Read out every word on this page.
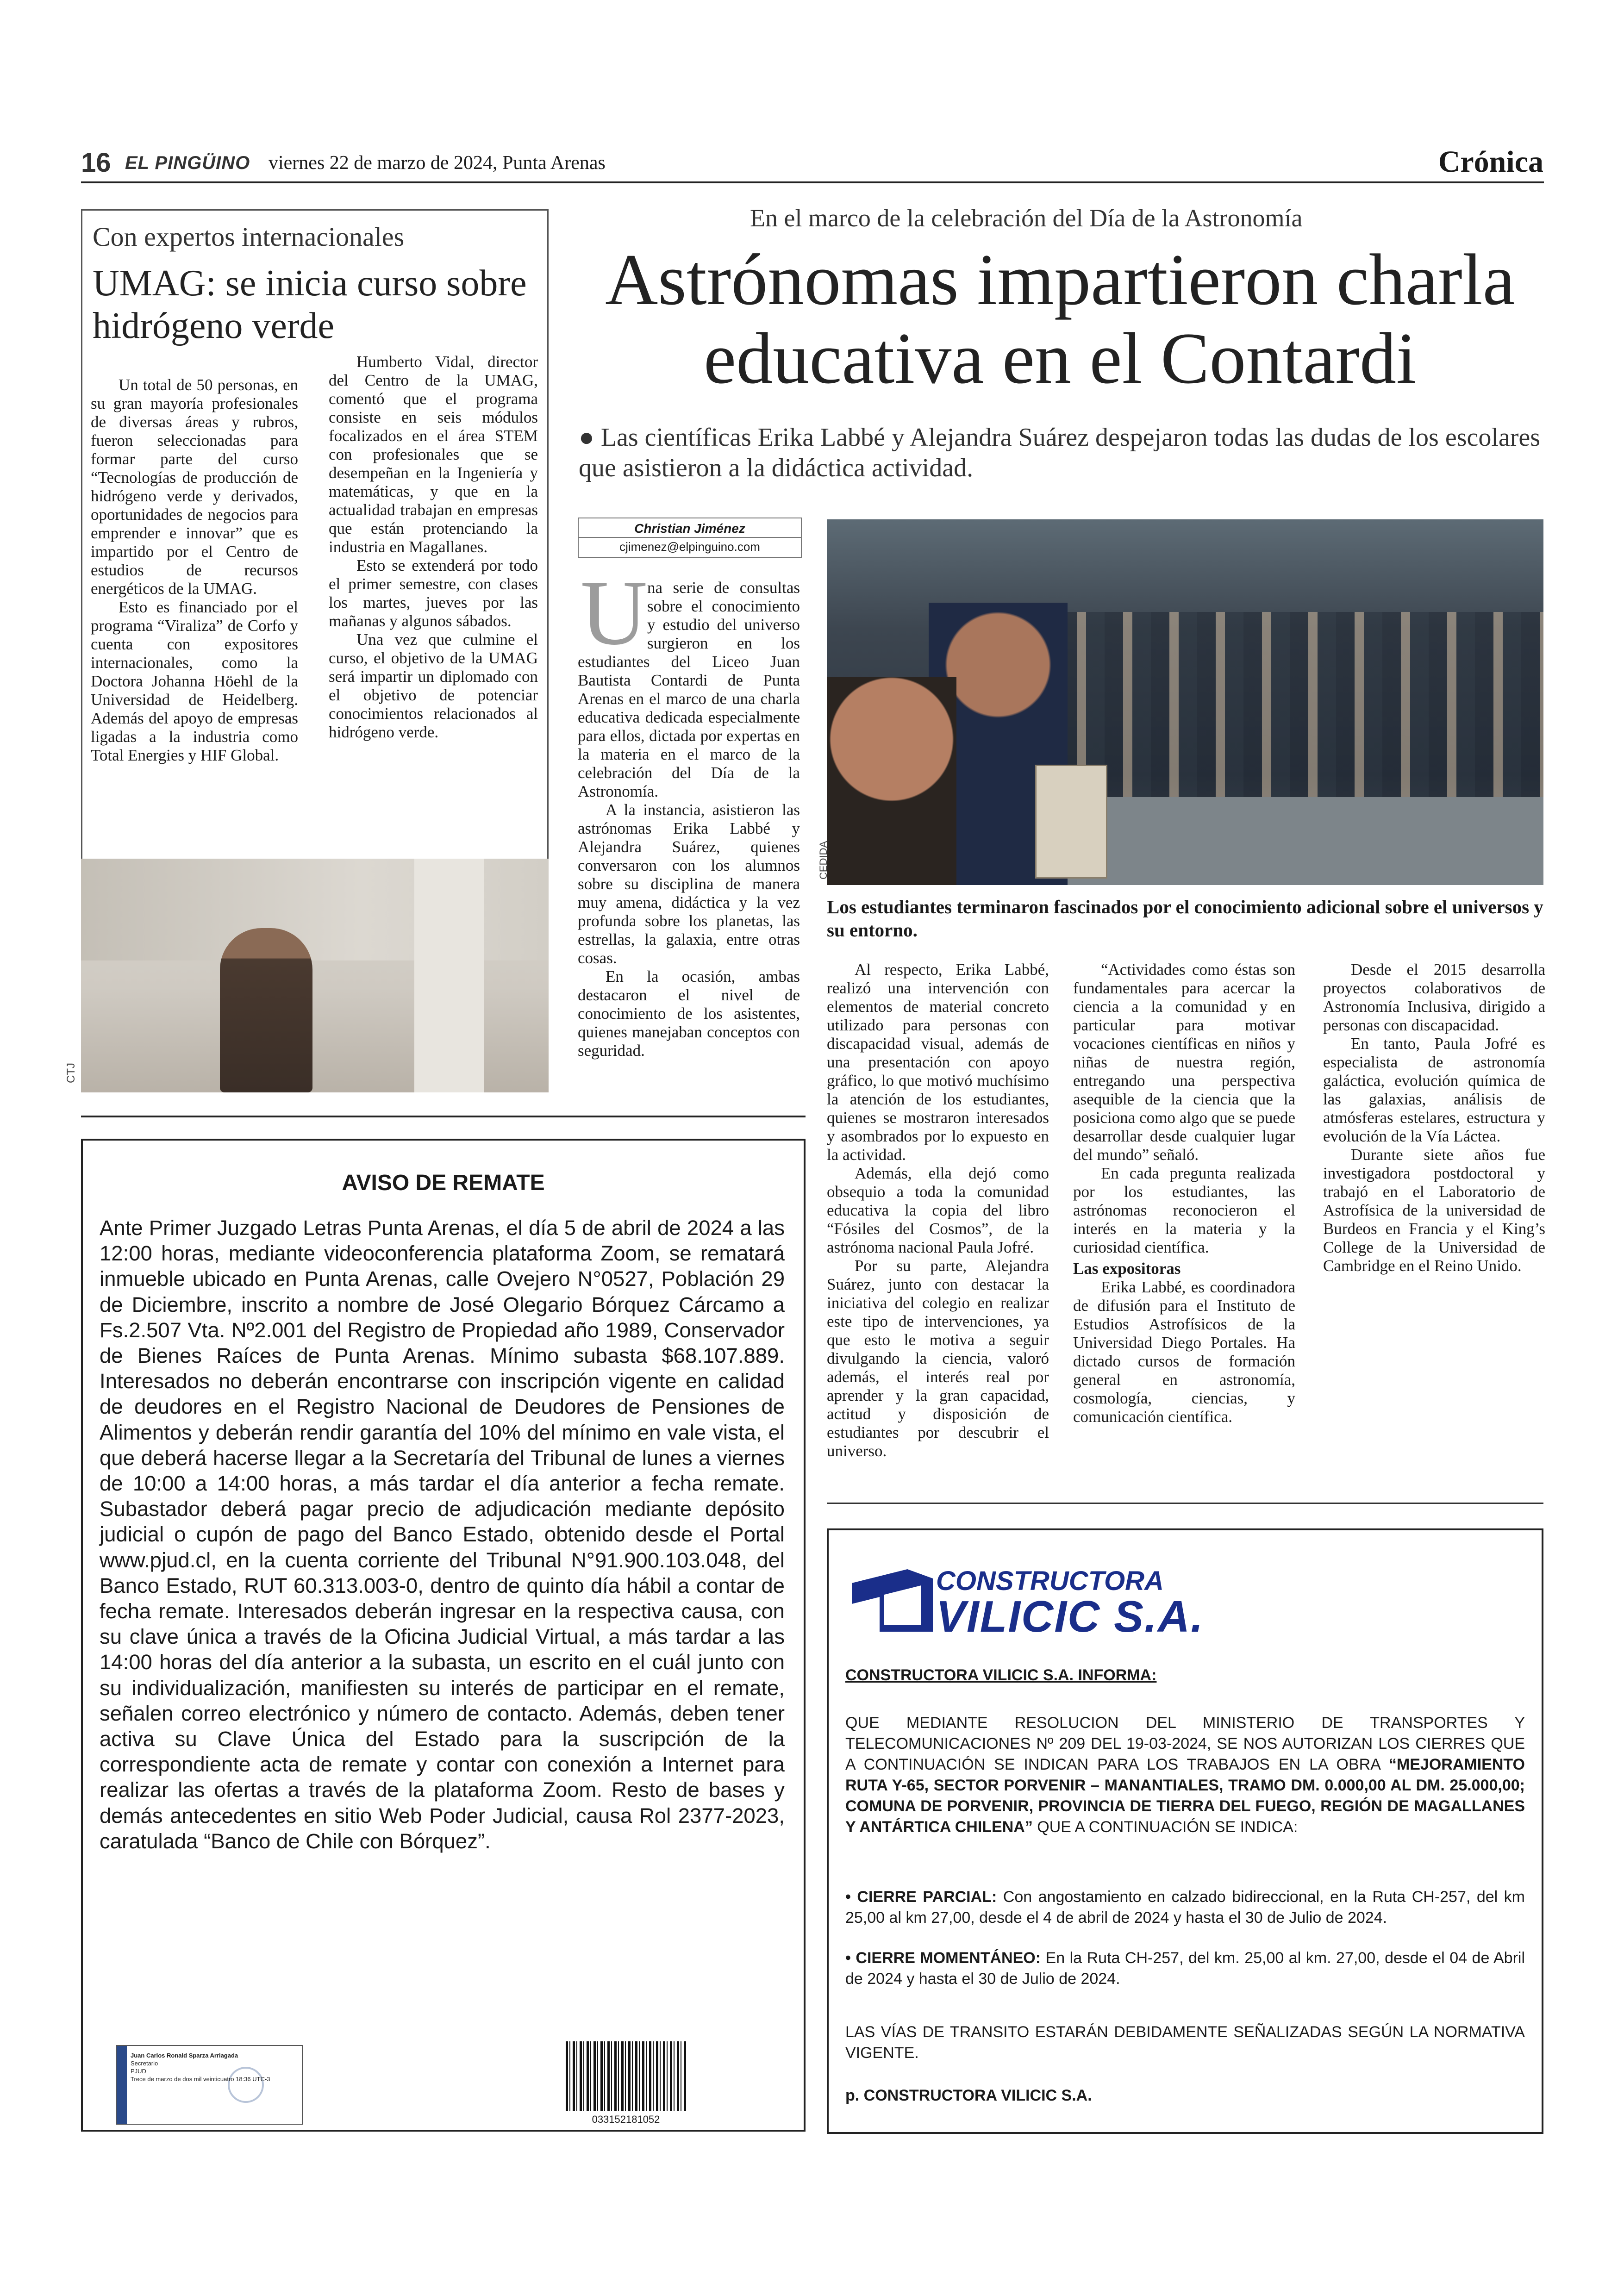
16 EL PINGÜINO viernes 22 de marzo de 2024, Punta Arenas	Crónica
Con expertos internacionales
UMAG: se inicia curso sobre hidrógeno verde

Un total de 50 personas, en su gran mayoría profesionales de diversas áreas y rubros, fueron seleccionadas para formar parte del curso “Tecnologías de producción de hidrógeno verde y derivados, oportunidades de negocios para emprender e innovar” que es impartido por el Centro de estudios de recursos energéticos de la UMAG.

Esto es financiado por el programa “Viraliza” de Corfo y cuenta con expositores internacionales, como la Doctora Johanna Höehl de la Universidad de Heidelberg. Además del apoyo de empresas ligadas a la industria como Total Energies y HIF Global.

Humberto Vidal, director del Centro de la UMAG, comentó que el programa consiste en seis módulos focalizados en el área STEM con profesionales que se desempeñan en la Ingeniería y matemáticas, y que en la actualidad trabajan en empresas que están protenciando la industria en Magallanes.

Esto se extenderá por todo el primer semestre, con clases los martes, jueves por las mañanas y algunos sábados.

Una vez que culmine el curso, el objetivo de la UMAG será impartir un diplomado con el objetivo de potenciar conocimientos relacionados al hidrógeno verde.

CTJ
En el marco de la celebración del Día de la Astronomía
Astrónomas impartieron charla educativa en el Contardi
● Las científicas Erika Labbé y Alejandra Suárez despejaron todas las dudas de los escolares que asistieron a la didáctica actividad.
Christian Jiménez
cjimenez@elpinguino.com
U na serie de consultas sobre el conocimiento y estudio del universo surgieron en los estudiantes del Liceo Juan Bautista Contardi de Punta Arenas en el marco de una charla educativa dedicada especialmente para ellos, dictada por expertas en la materia en el marco de la celebración del Día de la Astronomía.

A la instancia, asistieron las astrónomas Erika Labbé y Alejandra Suárez, quienes conversaron con los alumnos sobre su disciplina de manera muy amena, didáctica y la vez profunda sobre los planetas, las estrellas, la galaxia, entre otras cosas.

En la ocasión, ambas destacaron el nivel de conocimiento de los asistentes, quienes manejaban conceptos con seguridad.

CEDIDA
Los estudiantes terminaron fascinados por el conocimiento adicional sobre el universos y su entorno.

Al respecto, Erika Labbé, realizó una intervención con elementos de material concreto utilizado para personas con discapacidad visual, además de una presentación con apoyo gráfico, lo que motivó muchísimo la atención de los estudiantes, quienes se mostraron interesados y asombrados por lo expuesto en la actividad.

Además, ella dejó como obsequio a toda la comunidad educativa la copia del libro “Fósiles del Cosmos”, de la astrónoma nacional Paula Jofré.

Por su parte, Alejandra Suárez, junto con destacar la iniciativa del colegio en realizar este tipo de intervenciones, ya que esto le motiva a seguir divulgando la ciencia, valoró además, el interés real por aprender y la gran capacidad, actitud y disposición de estudiantes por descubrir el universo.

“Actividades como éstas son fundamentales para acercar la ciencia a la comunidad y en particular para motivar vocaciones científicas en niños y niñas de nuestra región, entregando una perspectiva asequible de la ciencia que la posiciona como algo que se puede desarrollar desde cualquier lugar del mundo” señaló.

En cada pregunta realizada por los estudiantes, las astrónomas reconocieron el interés en la materia y la curiosidad científica.

Las expositoras

Erika Labbé, es coordinadora de difusión para el Instituto de Estudios Astrofísicos de la Universidad Diego Portales. Ha dictado cursos de formación general en astronomía, cosmología, ciencias, y comunicación científica.

Desde el 2015 desarrolla proyectos colaborativos de Astronomía Inclusiva, dirigido a personas con discapacidad.

En tanto, Paula Jofré es especialista de astronomía galáctica, evolución química de las galaxias, análisis de atmósferas estelares, estructura y evolución de la Vía Láctea.

Durante siete años fue investigadora postdoctoral y trabajó en el Laboratorio de Astrofísica de la universidad de Burdeos en Francia y el King’s College de la Universidad de Cambridge en el Reino Unido.

AVISO DE REMATE
Ante Primer Juzgado Letras Punta Arenas, el día 5 de abril de 2024 a las 12:00 horas, mediante videoconferencia plataforma Zoom, se rematará inmueble ubicado en Punta Arenas, calle Ovejero N°0527, Población 29 de Diciembre, inscrito a nombre de José Olegario Bórquez Cárcamo a Fs.2.507 Vta. Nº2.001 del Registro de Propiedad año 1989, Conservador de Bienes Raíces de Punta Arenas. Mínimo subasta $68.107.889. Interesados no deberán encontrarse con inscripción vigente en calidad de deudores en el Registro Nacional de Deudores de Pensiones de Alimentos y deberán rendir garantía del 10% del mínimo en vale vista, el que deberá hacerse llegar a la Secretaría del Tribunal de lunes a viernes de 10:00 a 14:00 horas, a más tardar el día anterior a fecha remate. Subastador deberá pagar precio de adjudicación mediante depósito judicial o cupón de pago del Banco Estado, obtenido desde el Portal www.pjud.cl, en la cuenta corriente del Tribunal N°91.900.103.048, del Banco Estado, RUT 60.313.003-0, dentro de quinto día hábil a contar de fecha remate. Interesados deberán ingresar en la respectiva causa, con su clave única a través de la Oficina Judicial Virtual, a más tardar a las 14:00 horas del día anterior a la subasta, un escrito en el cuál junto con su individualización, manifiesten su interés de participar en el remate, señalen correo electrónico y número de contacto. Además, deben tener activa su Clave Única del Estado para la suscripción de la correspondiente acta de remate y contar con conexión a Internet para realizar las ofertas a través de la plataforma Zoom. Resto de bases y demás antecedentes en sitio Web Poder Judicial, causa Rol 2377-2023, caratulada “Banco de Chile con Bórquez”.
Juan Carlos Ronald Sparza Arriagada
Secretario
PJUD
Trece de marzo de dos mil veinticuatro 18:36 UTC-3
033152181052
CONSTRUCTORA
VILICIC S.A.
CONSTRUCTORA VILICIC S.A. INFORMA:
QUE MEDIANTE RESOLUCION DEL MINISTERIO DE TRANSPORTES Y TELECOMUNICACIONES Nº 209 DEL 19-03-2024, SE NOS AUTORIZAN LOS CIERRES QUE A CONTINUACIÓN SE INDICAN PARA LOS TRABAJOS EN LA OBRA “MEJORAMIENTO RUTA Y-65, SECTOR PORVENIR – MANANTIALES, TRAMO DM. 0.000,00 AL DM. 25.000,00; COMUNA DE PORVENIR, PROVINCIA DE TIERRA DEL FUEGO, REGIÓN DE MAGALLANES Y ANTÁRTICA CHILENA” QUE A CONTINUACIÓN SE INDICA:
• CIERRE PARCIAL: Con angostamiento en calzado bidireccional, en la Ruta CH-257, del km 25,00 al km 27,00, desde el 4 de abril de 2024 y hasta el 30 de Julio de 2024.
• CIERRE MOMENTÁNEO: En la Ruta CH-257, del km. 25,00 al km. 27,00, desde el 04 de Abril de 2024 y hasta el 30 de Julio de 2024.
LAS VÍAS DE TRANSITO ESTARÁN DEBIDAMENTE SEÑALIZADAS SEGÚN LA NORMATIVA VIGENTE.
p. CONSTRUCTORA VILICIC S.A.
